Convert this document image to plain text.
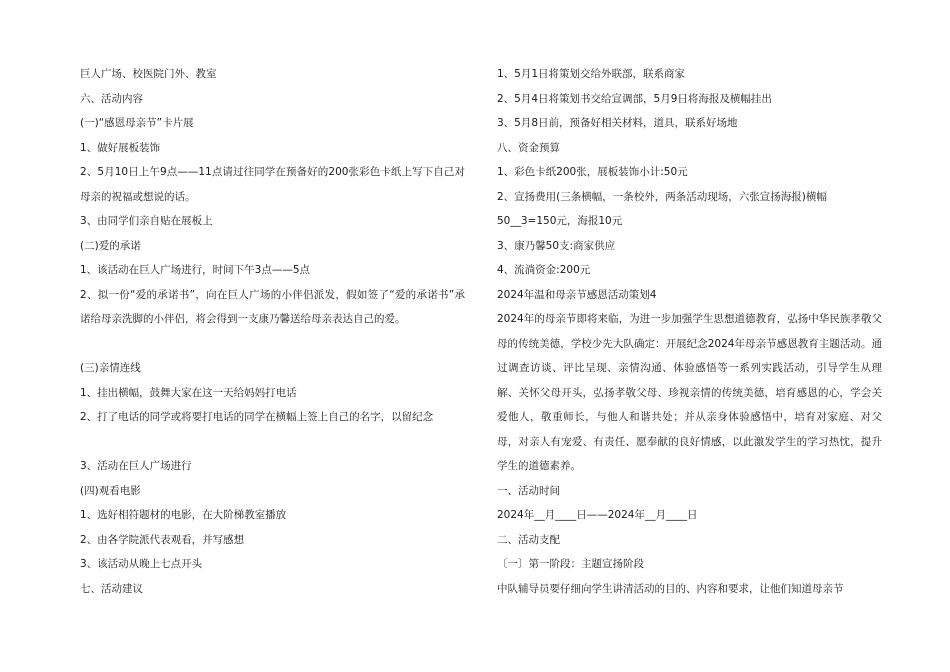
巨人广场、校医院门外、教室
六、活动内容
(一)“感恩母亲节”卡片展
1、做好展板装饰
2、5月10日上午9点——11点请过往同学在预备好的200张彩色卡纸上写下自己对母亲的祝福或想说的话。
3、由同学们亲自贴在展板上
(二)爱的承诺
1、该活动在巨人广场进行，时间下午3点——5点
2、拟一份“爱的承诺书”，向在巨人广场的小伴侣派发，假如签了“爱的承诺书”承诺给母亲洗脚的小伴侣，将会得到一支康乃馨送给母亲表达自己的爱。
(三)亲情连线
1、挂出横幅，鼓舞大家在这一天给妈妈打电话
2、打了电话的同学或将要打电话的同学在横幅上签上自己的名字，以留纪念
3、活动在巨人广场进行
(四)观看电影
1、选好相符题材的电影，在大阶梯教室播放
2、由各学院派代表观看，并写感想
3、该活动从晚上七点开头
七、活动建议
1、5月1日将策划交给外联部，联系商家
2、5月4日将策划书交给宣调部，5月9日将海报及横幅挂出
3、5月8日前，预备好相关材料，道具，联系好场地
八、资金预算
1、彩色卡纸200张，展板装饰小计:50元
2、宣扬费用(三条横幅，一条校外，两条活动现场，六张宣扬海报)横幅
50__3=150元，海报10元
3、康乃馨50支:商家供应
4、流淌资金:200元
2024年温和母亲节感恩活动策划4
2024年的母亲节即将来临，为进一步加强学生思想道德教育，弘扬中华民族孝敬父母的传统美德，学校少先大队确定：开展纪念2024年母亲节感恩教育主题活动。通过调查访谈、评比呈现、亲情沟通、体验感悟等一系列实践活动，引导学生从理解、关怀父母开头，弘扬孝敬父母、珍视亲情的传统美德，培育感恩的心，学会关爱他人，敬重师长，与他人和谐共处；并从亲身体验感悟中，培育对家庭、对父母，对亲人有宠爱、有责任、愿奉献的良好情感，以此激发学生的学习热忱，提升学生的道德素养。
一、活动时间
2024年__月____日——2024年__月____日
二、活动支配
〔一〕第一阶段：主题宣扬阶段
中队辅导员要仔细向学生讲清活动的目的、内容和要求，让他们知道母亲节
